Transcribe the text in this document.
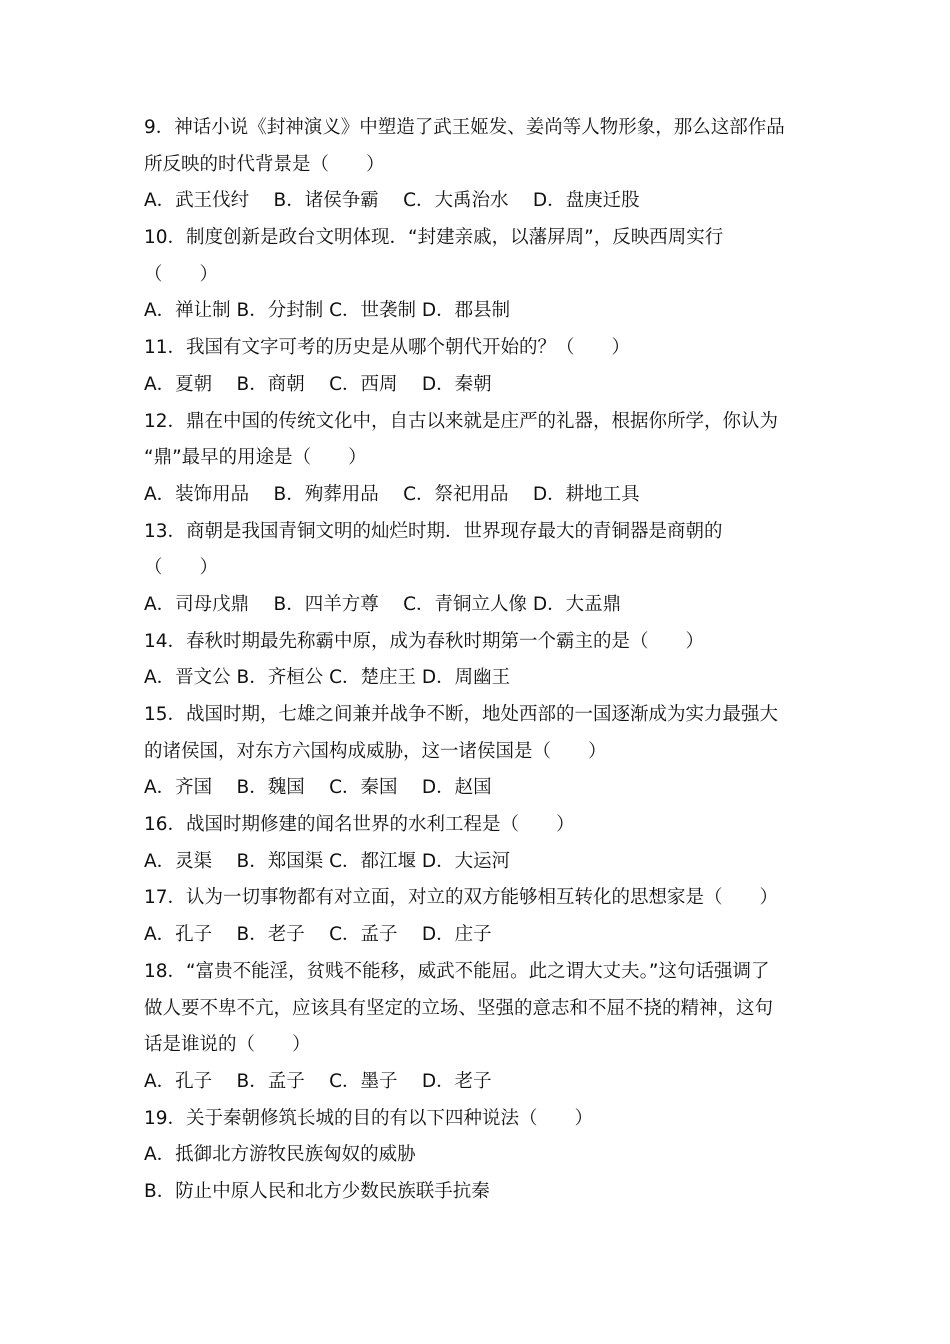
9．神话小说《封神演义》中塑造了武王姬发、姜尚等人物形象，那么这部作品
所反映的时代背景是（　　）
A．武王伐纣　 B．诸侯争霸　 C．大禹治水　 D．盘庚迁股
10．制度创新是政台文明体现．“封建亲戚，以藩屏周”，反映西周实行
（　　）
A．禅让制 B．分封制 C．世袭制 D．郡县制
11．我国有文字可考的历史是从哪个朝代开始的？（　　）
A．夏朝　 B．商朝　 C．西周　 D．秦朝
12．鼎在中国的传统文化中，自古以来就是庄严的礼器，根据你所学，你认为
“鼎”最早的用途是（　　）
A．装饰用品　 B．殉葬用品　 C．祭祀用品　 D．耕地工具
13．商朝是我国青铜文明的灿烂时期．世界现存最大的青铜器是商朝的
（　　）
A．司母戊鼎　 B．四羊方尊　 C．青铜立人像 D．大盂鼎
14．春秋时期最先称霸中原，成为春秋时期第一个霸主的是（　　）
A．晋文公 B．齐桓公 C．楚庄王 D．周幽王
15．战国时期，七雄之间兼并战争不断，地处西部的一国逐渐成为实力最强大
的诸侯国，对东方六国构成威胁，这一诸侯国是（　　）
A．齐国　 B．魏国　 C．秦国　 D．赵国
16．战国时期修建的闻名世界的水利工程是（　　）
A．灵渠　 B．郑国渠 C．都江堰 D．大运河
17．认为一切事物都有对立面，对立的双方能够相互转化的思想家是（　　）
A．孔子　 B．老子　 C．孟子　 D．庄子
18．“富贵不能淫，贫贱不能移，威武不能屈。此之谓大丈夫。”这句话强调了
做人要不卑不亢，应该具有坚定的立场、坚强的意志和不屈不挠的精神，这句
话是谁说的（　　）
A．孔子　 B．孟子　 C．墨子　 D．老子
19．关于秦朝修筑长城的目的有以下四种说法（　　）
A．抵御北方游牧民族匈奴的威胁
B．防止中原人民和北方少数民族联手抗秦
